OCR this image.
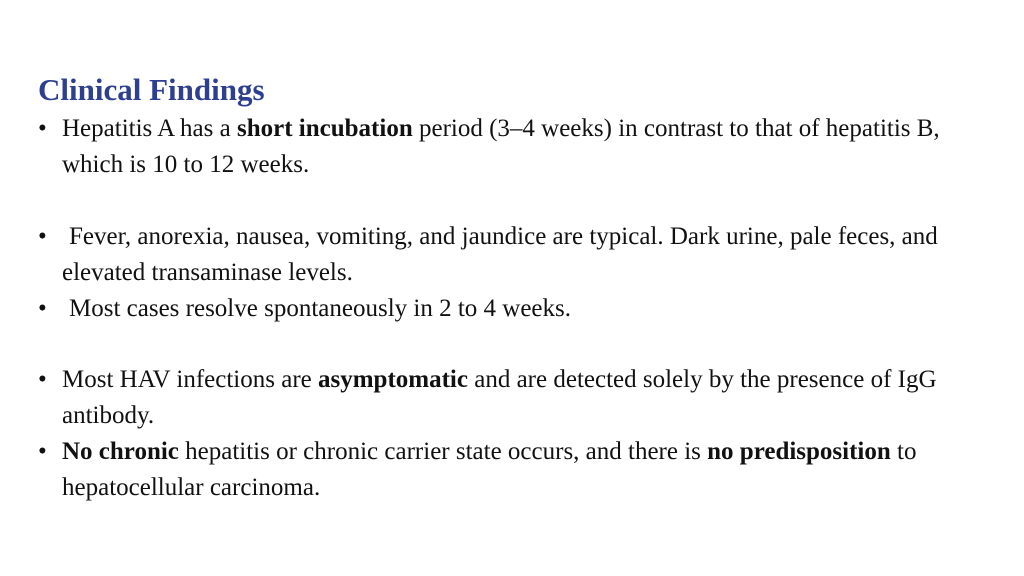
Clinical Findings
• Hepatitis A has a short incubation period (3–4 weeks) in contrast to that of hepatitis B, which is 10 to 12 weeks.
• Fever, anorexia, nausea, vomiting, and jaundice are typical. Dark urine, pale feces, and elevated transaminase levels.
• Most cases resolve spontaneously in 2 to 4 weeks.
• Most HAV infections are asymptomatic and are detected solely by the presence of IgG antibody.
• No chronic hepatitis or chronic carrier state occurs, and there is no predisposition to hepatocellular carcinoma.
